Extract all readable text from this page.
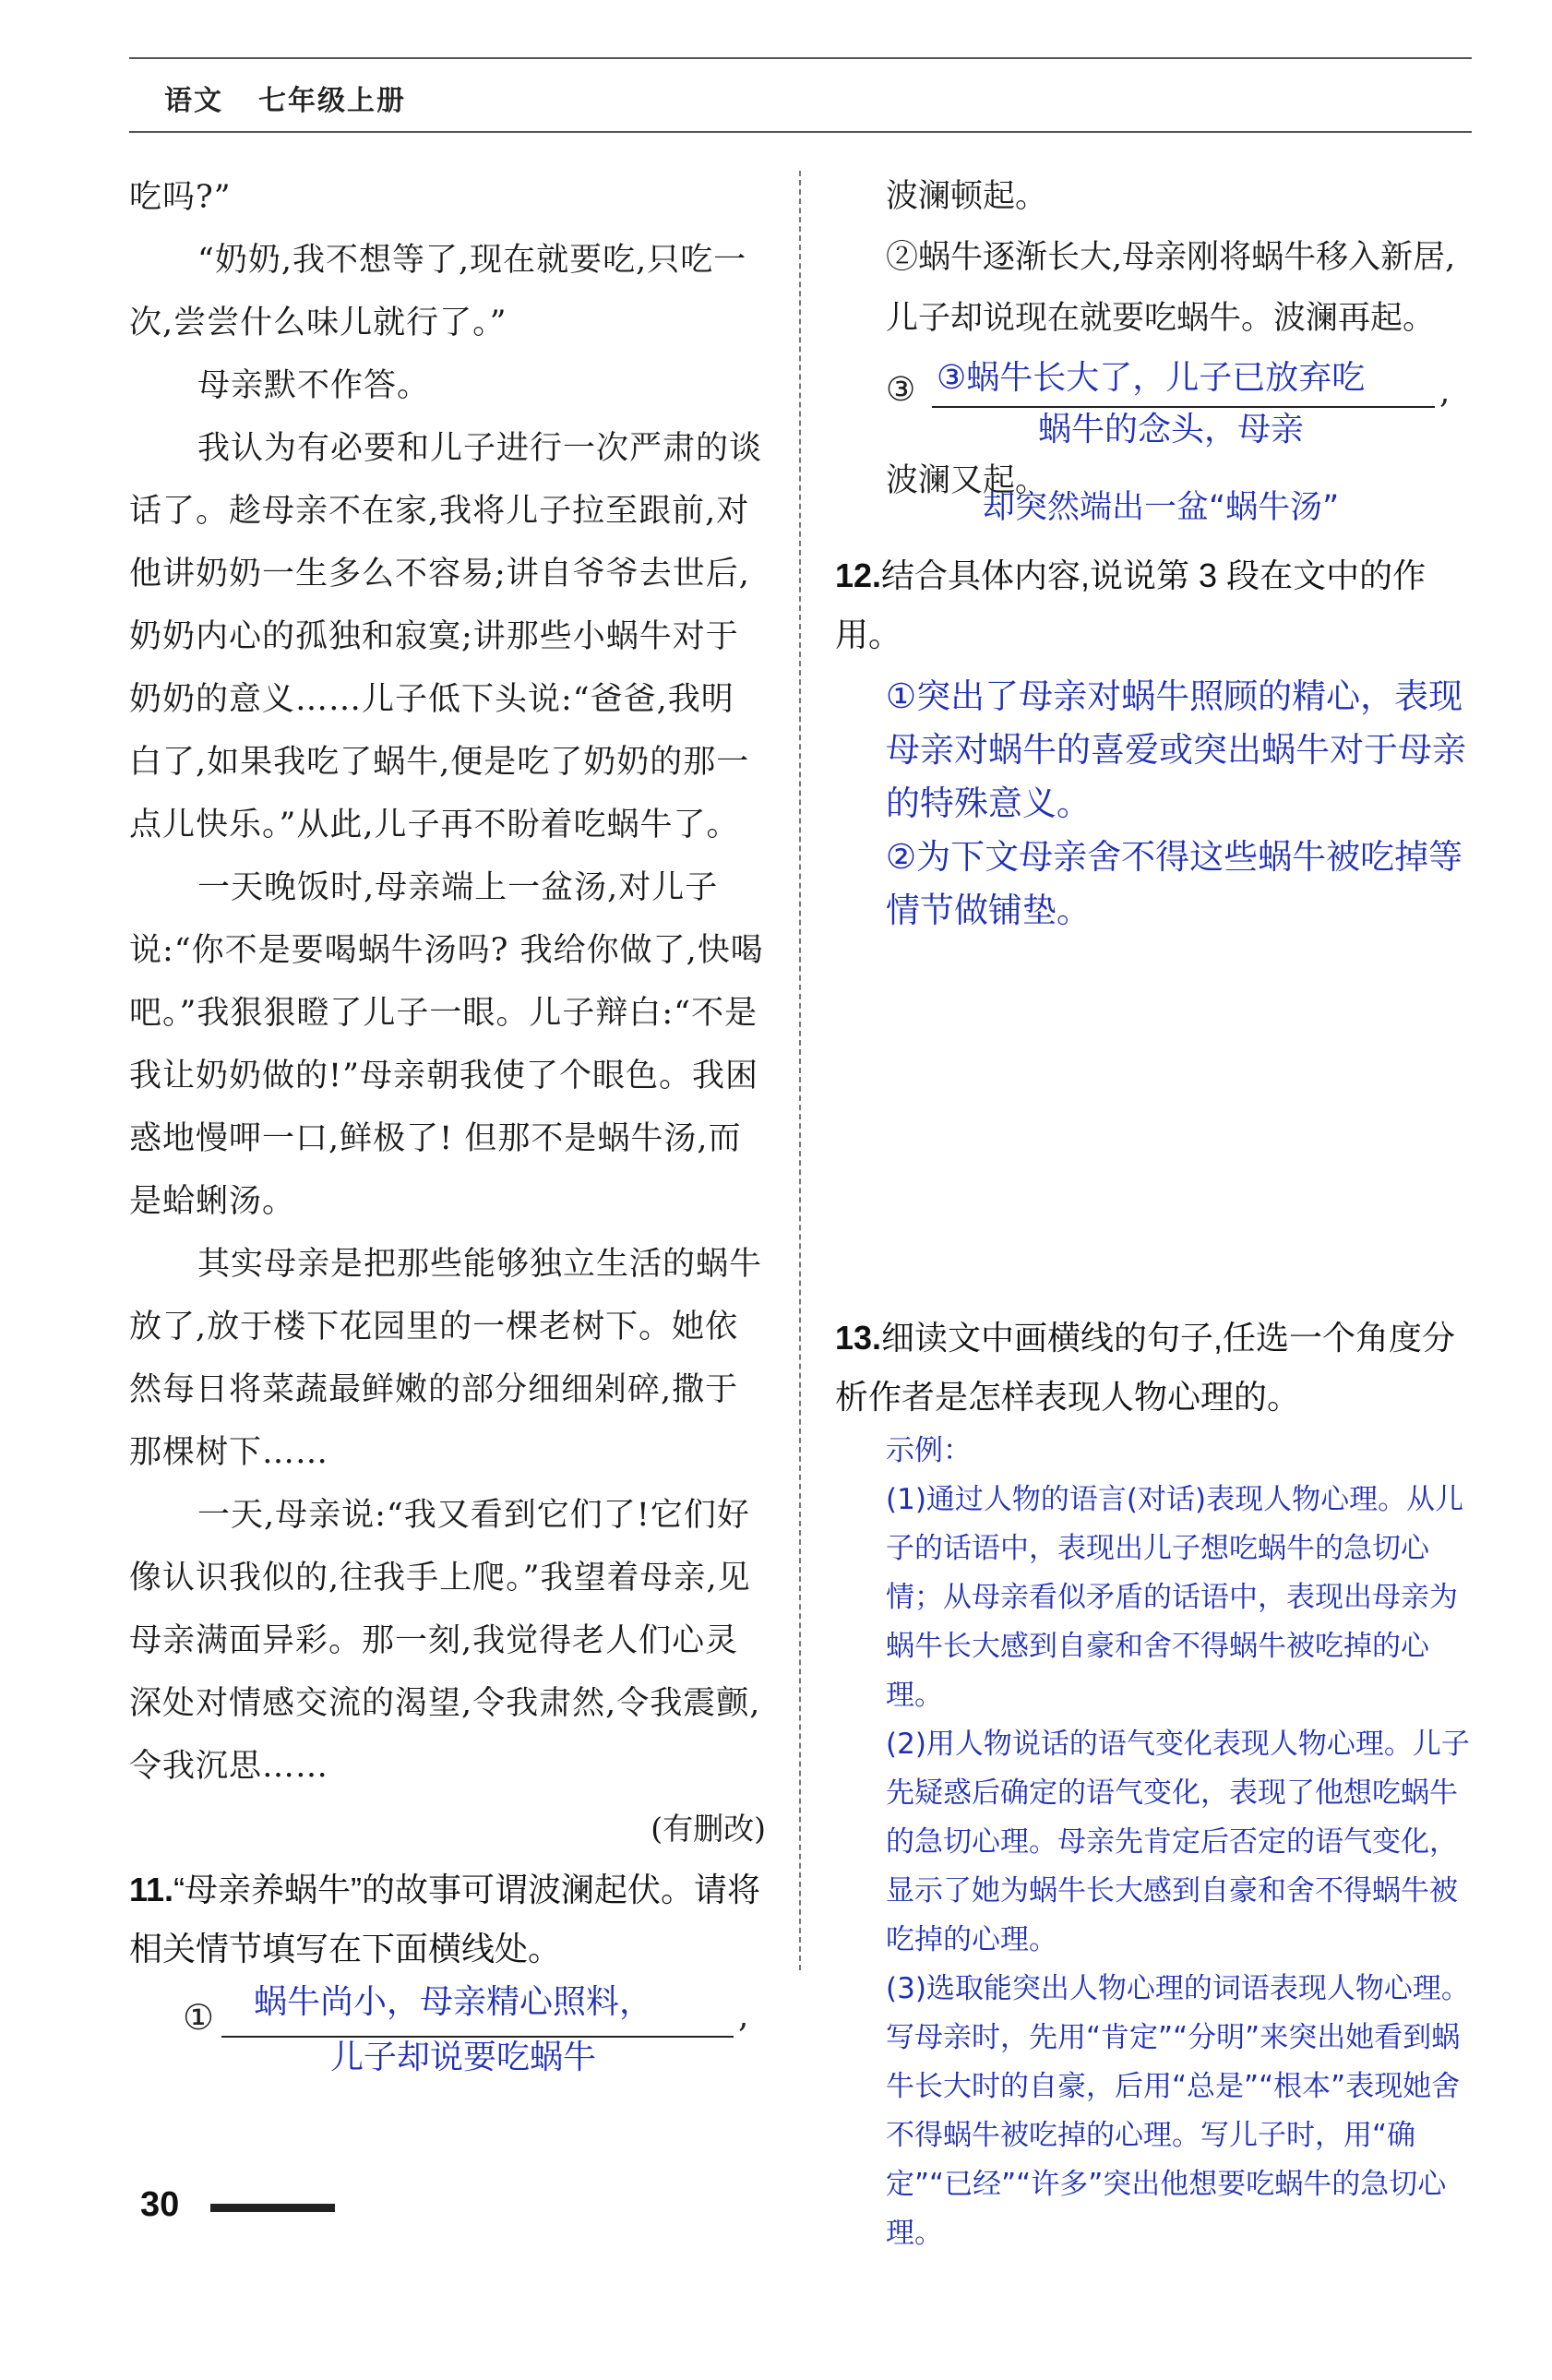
语文 七年级上册

吃吗?”

“奶奶,我不想等了,现在就要吃,只吃一次,尝尝什么味儿就行了。”

母亲默不作答。

我认为有必要和儿子进行一次严肃的谈话了。趁母亲不在家,我将儿子拉至跟前,对他讲奶奶一生多么不容易;讲自爷爷去世后,奶奶内心的孤独和寂寞;讲那些小蜗牛对于奶奶的意义……儿子低下头说:“爸爸,我明白了,如果我吃了蜗牛,便是吃了奶奶的那一点儿快乐。”从此,儿子再不盼着吃蜗牛了。

一天晚饭时,母亲端上一盆汤,对儿子说:“你不是要喝蜗牛汤吗? 我给你做了,快喝吧。”我狠狠瞪了儿子一眼。儿子辩白:“不是我让奶奶做的!”母亲朝我使了个眼色。我困惑地慢呷一口,鲜极了! 但那不是蜗牛汤,而是蛤蜊汤。

其实母亲是把那些能够独立生活的蜗牛放了,放于楼下花园里的一棵老树下。她依然每日将菜蔬最鲜嫩的部分细细剁碎,撒于那棵树下……

一天,母亲说:“我又看到它们了!它们好像认识我似的,往我手上爬。”我望着母亲,见母亲满面异彩。那一刻,我觉得老人们心灵深处对情感交流的渴望,令我肃然,令我震颤,令我沉思……

(有删改)

11.“母亲养蜗牛”的故事可谓波澜起伏。请将相关情节填写在下面横线处。

① 蜗牛尚小，母亲精心照料，	,
儿子却说要吃蜗牛

波澜顿起。

②蜗牛逐渐长大,母亲刚将蜗牛移入新居,儿子却说现在就要吃蜗牛。波澜再起。

③ ③蜗牛长大了，儿子已放弃吃 ,
蜗牛的念头，母亲

波澜又起。

却突然端出一盆“蜗牛汤”

12.结合具体内容,说说第 3 段在文中的作用。

①突出了母亲对蜗牛照顾的精心，表现母亲对蜗牛的喜爱或突出蜗牛对于母亲的特殊意义。

②为下文母亲舍不得这些蜗牛被吃掉等情节做铺垫。

13.细读文中画横线的句子,任选一个角度分析作者是怎样表现人物心理的。

示例：

(1)通过人物的语言(对话)表现人物心理。从儿子的话语中，表现出儿子想吃蜗牛的急切心情；从母亲看似矛盾的话语中，表现出母亲为蜗牛长大感到自豪和舍不得蜗牛被吃掉的心理。

(2)用人物说话的语气变化表现人物心理。儿子先疑惑后确定的语气变化，表现了他想吃蜗牛的急切心理。母亲先肯定后否定的语气变化，显示了她为蜗牛长大感到自豪和舍不得蜗牛被吃掉的心理。

(3)选取能突出人物心理的词语表现人物心理。写母亲时，先用“肯定”“分明”来突出她看到蜗牛长大时的自豪，后用“总是”“根本”表现她舍不得蜗牛被吃掉的心理。写儿子时，用“确定”“已经”“许多”突出他想要吃蜗牛的急切心理。

30
